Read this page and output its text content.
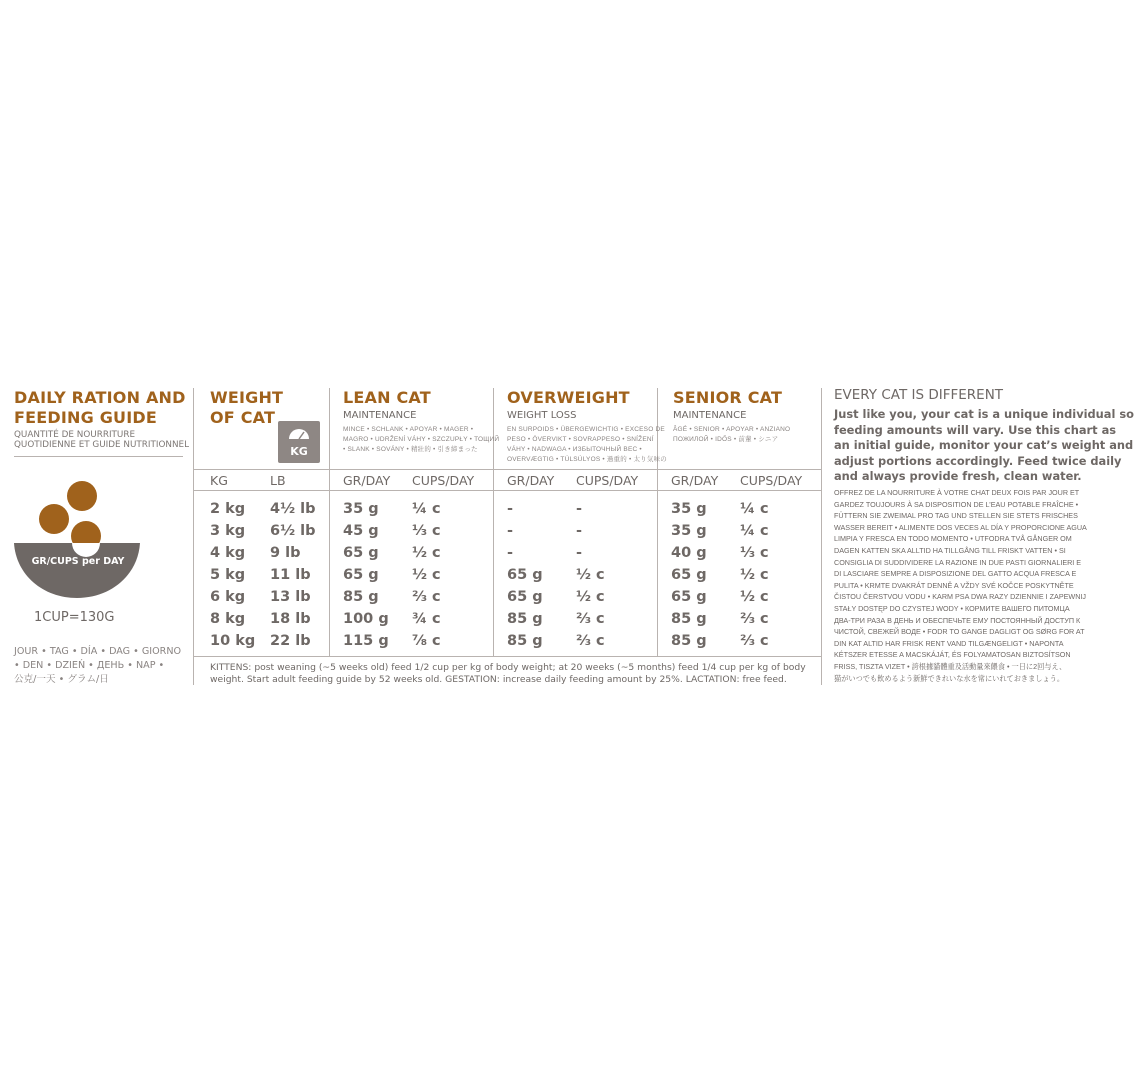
DAILY RATION AND
FEEDING GUIDE
QUANTITÉ DE NOURRITURE
QUOTIDIENNE ET GUIDE NUTRITIONNEL
GR/CUPS per DAY
1CUP=130G
JOUR • TAG • DÍA • DAG • GIORNO
• DEN • DZIEŃ • ДЕНЬ • NAP •
公克/一天 • グラム/日
WEIGHT
OF CAT
KG
LEAN CAT
MAINTENANCE
MINCE • SCHLANK • APOYAR • MAGER •
MAGRO • UDRŽENÍ VÁHY • SZCZUPŁY • ТОЩИЙ
• SLANK • SOVÁNY • 精壯的 • 引き締まった
OVERWEIGHT
WEIGHT LOSS
EN SURPOIDS • ÜBERGEWICHTIG • EXCESO DE
PESO • ÖVERVIKT • SOVRAPPESO • SNÍŽENÍ
VÁHY • NADWAGA • ИЗБЫТОЧНЫЙ ВЕС •
OVERVÆGTIG • TÚLSÚLYOS • 過重的 • 太り気味の
SENIOR CAT
MAINTENANCE
ÂGÉ • SENIOR • APOYAR • ANZIANO
ПОЖИЛОЙ • IDŐS • 前輩 • シニア
KG	LB	GR/DAY CUPS/DAY	GR/DAY CUPS/DAY	GR/DAY CUPS/DAY
2 kg 4½ lb 35 g ¼ c	-	-	35 g ¼ c
3 kg 6½ lb 45 g ⅓ c	-	-	35 g ¼ c
4 kg 9 lb	65 g ½ c	-	-	40 g ⅓ c
5 kg 11 lb 65 g ½ c	65 g ½ c	65 g ½ c
6 kg 13 lb 85 g ⅔ c	65 g ½ c	65 g ½ c
8 kg 18 lb 100 g ¾ c	85 g ⅔ c	85 g ⅔ c
10 kg 22 lb 115 g ⅞ c	85 g ⅔ c	85 g ⅔ c
KITTENS: post weaning (~5 weeks old) feed 1/2 cup per kg of body weight; at 20 weeks (~5 months) feed 1/4 cup per kg of body
weight. Start adult feeding guide by 52 weeks old. GESTATION: increase daily feeding amount by 25%. LACTATION: free feed.
EVERY CAT IS DIFFERENT
Just like you, your cat is a unique individual so
feeding amounts will vary. Use this chart as
an initial guide, monitor your cat’s weight and
adjust portions accordingly. Feed twice daily
and always provide fresh, clean water.
OFFREZ DE LA NOURRITURE À VOTRE CHAT DEUX FOIS PAR JOUR ET
GARDEZ TOUJOURS À SA DISPOSITION DE L’EAU POTABLE FRAÎCHE •
FÜTTERN SIE ZWEIMAL PRO TAG UND STELLEN SIE STETS FRISCHES
WASSER BEREIT • ALIMENTE DOS VECES AL DÍA Y PROPORCIONE AGUA
LIMPIA Y FRESCA EN TODO MOMENTO • UTFODRA TVÅ GÅNGER OM
DAGEN KATTEN SKA ALLTID HA TILLGÅNG TILL FRISKT VATTEN • SI
CONSIGLIA DI SUDDIVIDERE LA RAZIONE IN DUE PASTI GIORNALIERI E
DI LASCIARE SEMPRE A DISPOSIZIONE DEL GATTO ACQUA FRESCA E
PULITA • KRMTE DVAKRÁT DENNĚ A VŽDY SVÉ KOČCE POSKYTNĚTE
ČISTOU ČERSTVOU VODU • KARM PSA DWA RAZY DZIENNIE I ZAPEWNIJ
STAŁY DOSTĘP DO CZYSTEJ WODY • КОРМИТЕ ВАШЕГО ПИТОМЦА
ДВА-ТРИ РАЗА В ДЕНЬ И ОБЕСПЕЧЬТЕ ЕМУ ПОСТОЯННЫЙ ДОСТУП К
ЧИСТОЙ, СВЕЖЕЙ ВОДЕ • FODR TO GANGE DAGLIGT OG SØRG FOR AT
DIN KAT ALTID HAR FRISK RENT VAND TILGÆNGELIGT • NAPONTA
KÉTSZER ETESSE A MACSKÁJÁT, ÉS FOLYAMATOSAN BIZTOSÍTSON
FRISS, TISZTA VIZET • 誇根據貓體重及活動量來餵食 • 一日に2回与え、
猫がいつでも飲めるよう新鮮できれいな水を常にいれておきましょう。
